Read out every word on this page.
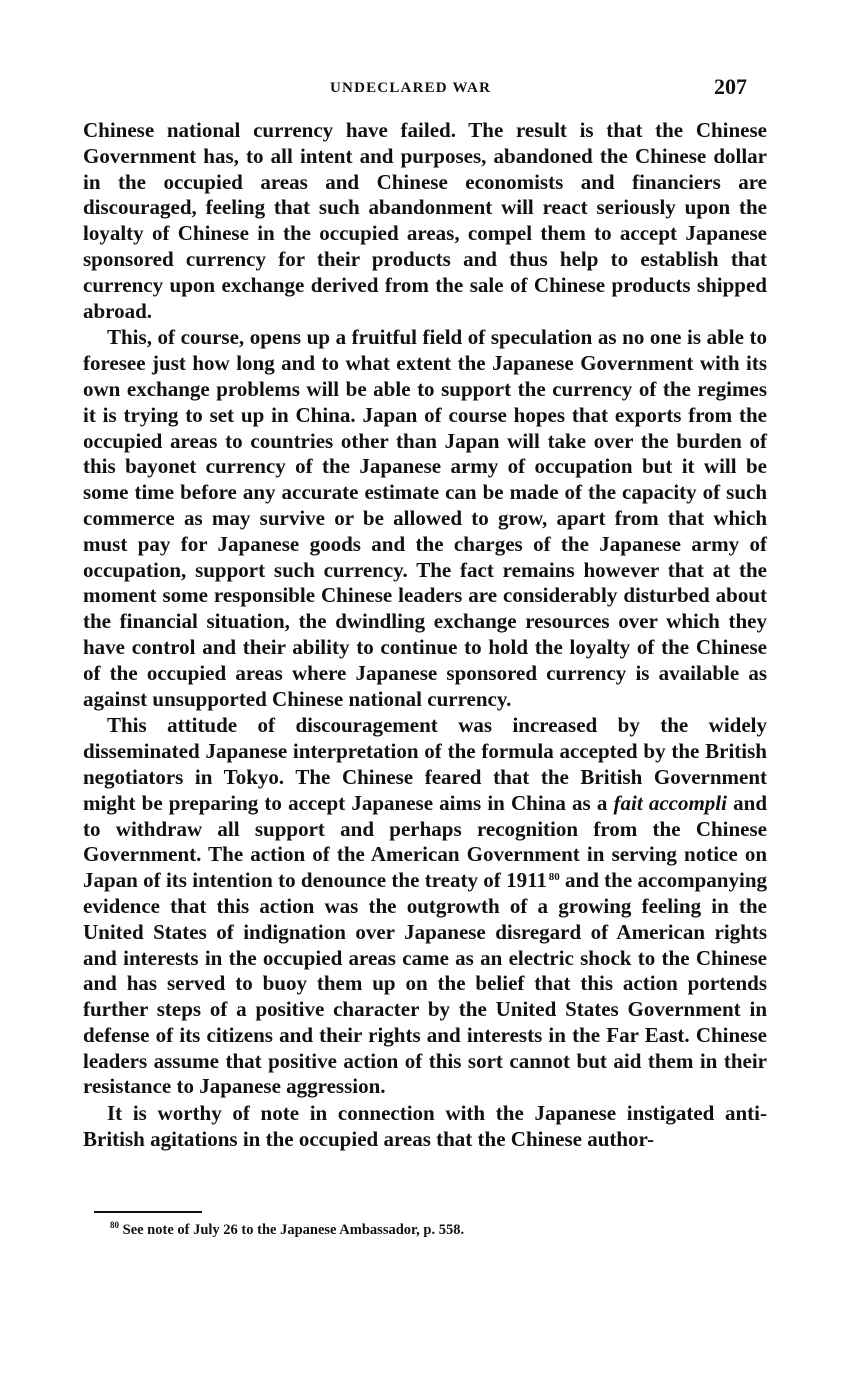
UNDECLARED WAR	207

Chinese national currency have failed. The result is that the Chinese Government has, to all intent and purposes, abandoned the Chinese dollar in the occupied areas and Chinese economists and financiers are discouraged, feeling that such abandonment will react seriously upon the loyalty of Chinese in the occupied areas, compel them to accept Japanese sponsored currency for their products and thus help to establish that currency upon exchange derived from the sale of Chinese products shipped abroad.

This, of course, opens up a fruitful field of speculation as no one is able to foresee just how long and to what extent the Japanese Government with its own exchange problems will be able to support the currency of the regimes it is trying to set up in China. Japan of course hopes that exports from the occupied areas to countries other than Japan will take over the burden of this bayonet currency of the Japanese army of occupation but it will be some time before any accurate estimate can be made of the capacity of such commerce as may survive or be allowed to grow, apart from that which must pay for Japanese goods and the charges of the Japanese army of occupation, support such currency. The fact remains however that at the moment some responsible Chinese leaders are considerably disturbed about the financial situation, the dwindling exchange resources over which they have control and their ability to continue to hold the loyalty of the Chinese of the occupied areas where Japanese sponsored currency is available as against unsupported Chinese national currency.

This attitude of discouragement was increased by the widely disseminated Japanese interpretation of the formula accepted by the British negotiators in Tokyo. The Chinese feared that the British Government might be preparing to accept Japanese aims in China as a fait accompli and to withdraw all support and perhaps recognition from the Chinese Government. The action of the American Government in serving notice on Japan of its intention to denounce the treaty of 1911  $^{80}$ and the accompanying evidence that this action was the outgrowth of a growing feeling in the United States of indignation over Japanese disregard of American rights and interests in the occupied areas came as an electric shock to the Chinese and has served to buoy them up on the belief that this action portends further steps of a positive character by the United States Government in defense of its citizens and their rights and interests in the Far East. Chinese leaders assume that positive action of this sort cannot but aid them in their resistance to Japanese aggression.

It is worthy of note in connection with the Japanese instigated anti-British agitations in the occupied areas that the Chinese author-

$^{80}$ See note of July 26 to the Japanese Ambassador, p. 558.
